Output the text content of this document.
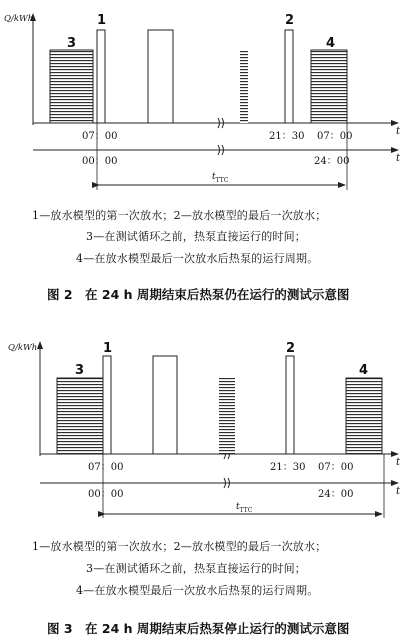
Q/kWh
t
t
3
1	2
4
07：00	21：30 07：00
00：00	24：00
$t_{TTC}$
1—放水模型的第一次放水；2—放水模型的最后一次放水；
3—在测试循环之前，热泵直接运行的时间；
4—在放水模型最后一次放水后热泵的运行周期。
图 2　在 24 h 周期结束后热泵仍在运行的测试示意图
Q/kWh
t
t
3
1	2
4
07：00	21：30 07：00
00：00	24：00
$t_{TTC}$
1—放水模型的第一次放水；2—放水模型的最后一次放水；
3—在测试循环之前，热泵直接运行的时间；
4—在放水模型最后一次放水后热泵的运行周期。
图 3　在 24 h 周期结束后热泵停止运行的测试示意图
